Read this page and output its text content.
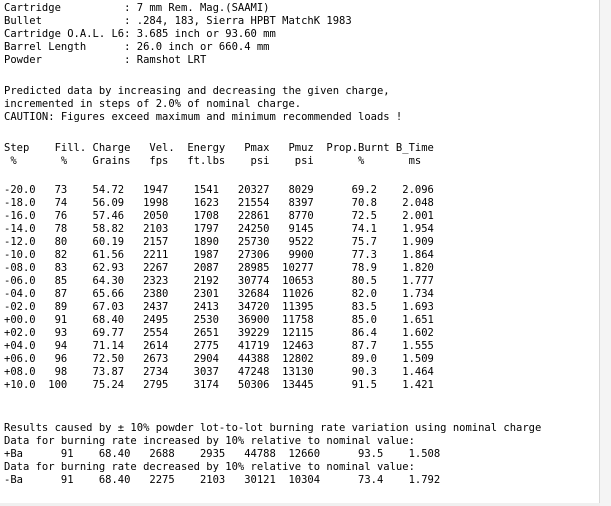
Cartridge          : 7 mm Rem. Mag.(SAAMI)
Bullet             : .284, 183, Sierra HPBT MatchK 1983
Cartridge O.A.L. L6: 3.685 inch or 93.60 mm
Barrel Length      : 26.0 inch or 660.4 mm
Powder             : Ramshot LRT
Predicted data by increasing and decreasing the given charge,
incremented in steps of 2.0% of nominal charge.
CAUTION: Figures exceed maximum and minimum recommended loads !
Step    Fill. Charge   Vel.  Energy   Pmax   Pmuz  Prop.Burnt B_Time
%       %    Grains   fps   ft.lbs    psi    psi       %       ms
-20.0   73    54.72   1947    1541   20327   8029      69.2    2.096
-18.0   74    56.09   1998    1623   21554   8397      70.8    2.048
-16.0   76    57.46   2050    1708   22861   8770      72.5    2.001
-14.0   78    58.82   2103    1797   24250   9145      74.1    1.954
-12.0   80    60.19   2157    1890   25730   9522      75.7    1.909
-10.0   82    61.56   2211    1987   27306   9900      77.3    1.864
-08.0   83    62.93   2267    2087   28985  10277      78.9    1.820
-06.0   85    64.30   2323    2192   30774  10653      80.5    1.777
-04.0   87    65.66   2380    2301   32684  11026      82.0    1.734
-02.0   89    67.03   2437    2413   34720  11395      83.5    1.693
+00.0   91    68.40   2495    2530   36900  11758      85.0    1.651
+02.0   93    69.77   2554    2651   39229  12115      86.4    1.602
+04.0   94    71.14   2614    2775   41719  12463      87.7    1.555
+06.0   96    72.50   2673    2904   44388  12802      89.0    1.509
+08.0   98    73.87   2734    3037   47248  13130      90.3    1.464
+10.0  100    75.24   2795    3174   50306  13445      91.5    1.421
Results caused by ± 10% powder lot-to-lot burning rate variation using nominal charge
Data for burning rate increased by 10% relative to nominal value:
+Ba      91    68.40   2688    2935   44788  12660      93.5    1.508
Data for burning rate decreased by 10% relative to nominal value:
-Ba      91    68.40   2275    2103   30121  10304      73.4    1.792
